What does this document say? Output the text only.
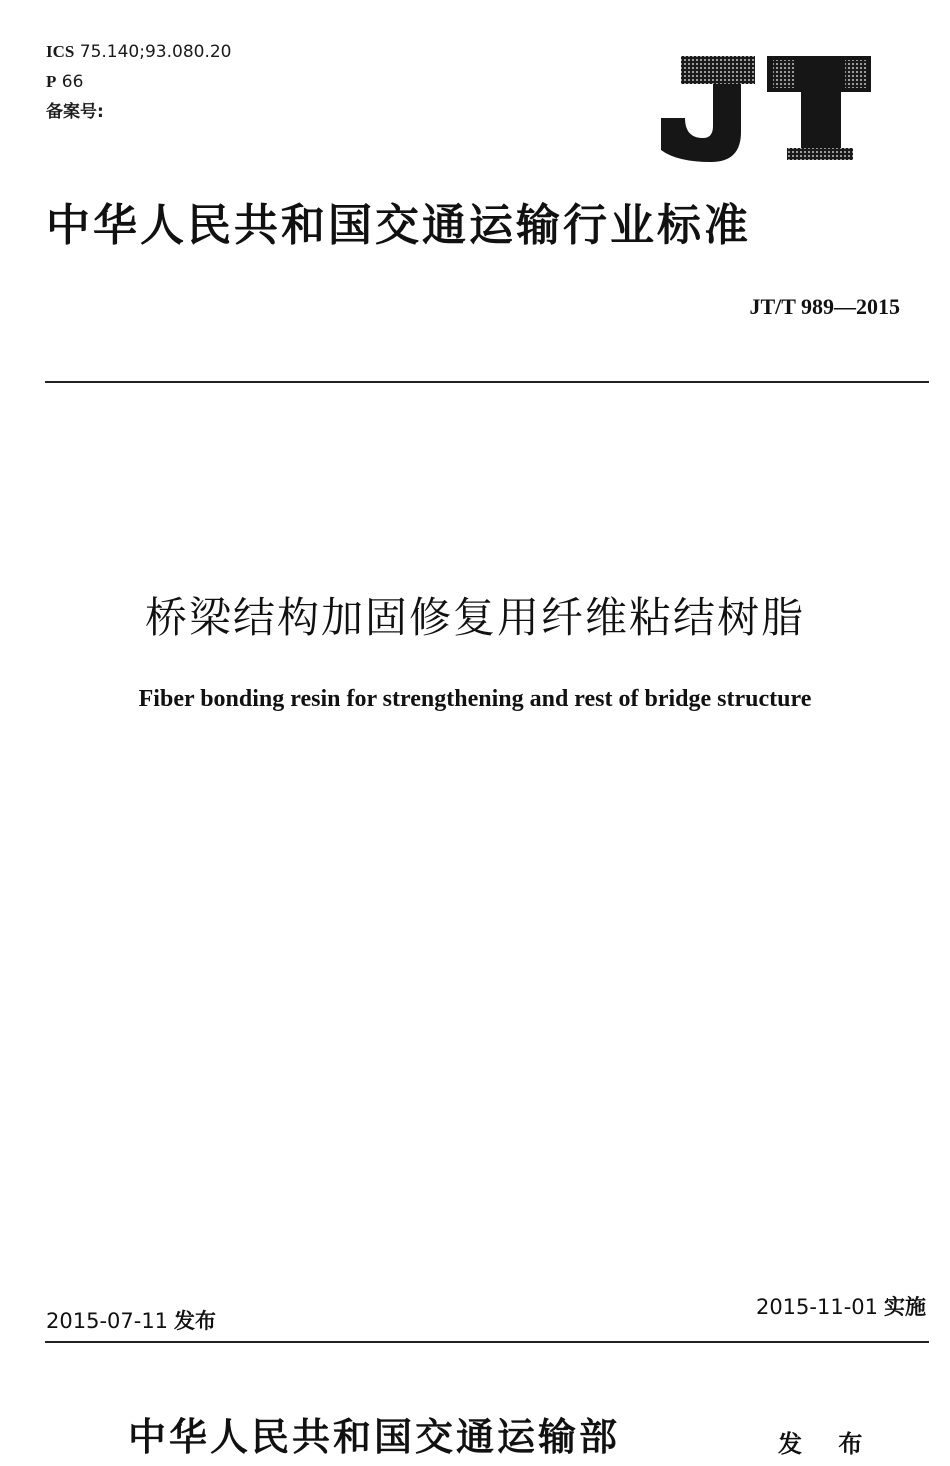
ICS 75.140;93.080.20
P 66
备案号:
中华人民共和国交通运输行业标准
JT/T 989—2015
桥梁结构加固修复用纤维粘结树脂
Fiber bonding resin for strengthening and rest of bridge structure
2015-07-11 发布
2015-11-01 实施
中华人民共和国交通运输部	发 布
